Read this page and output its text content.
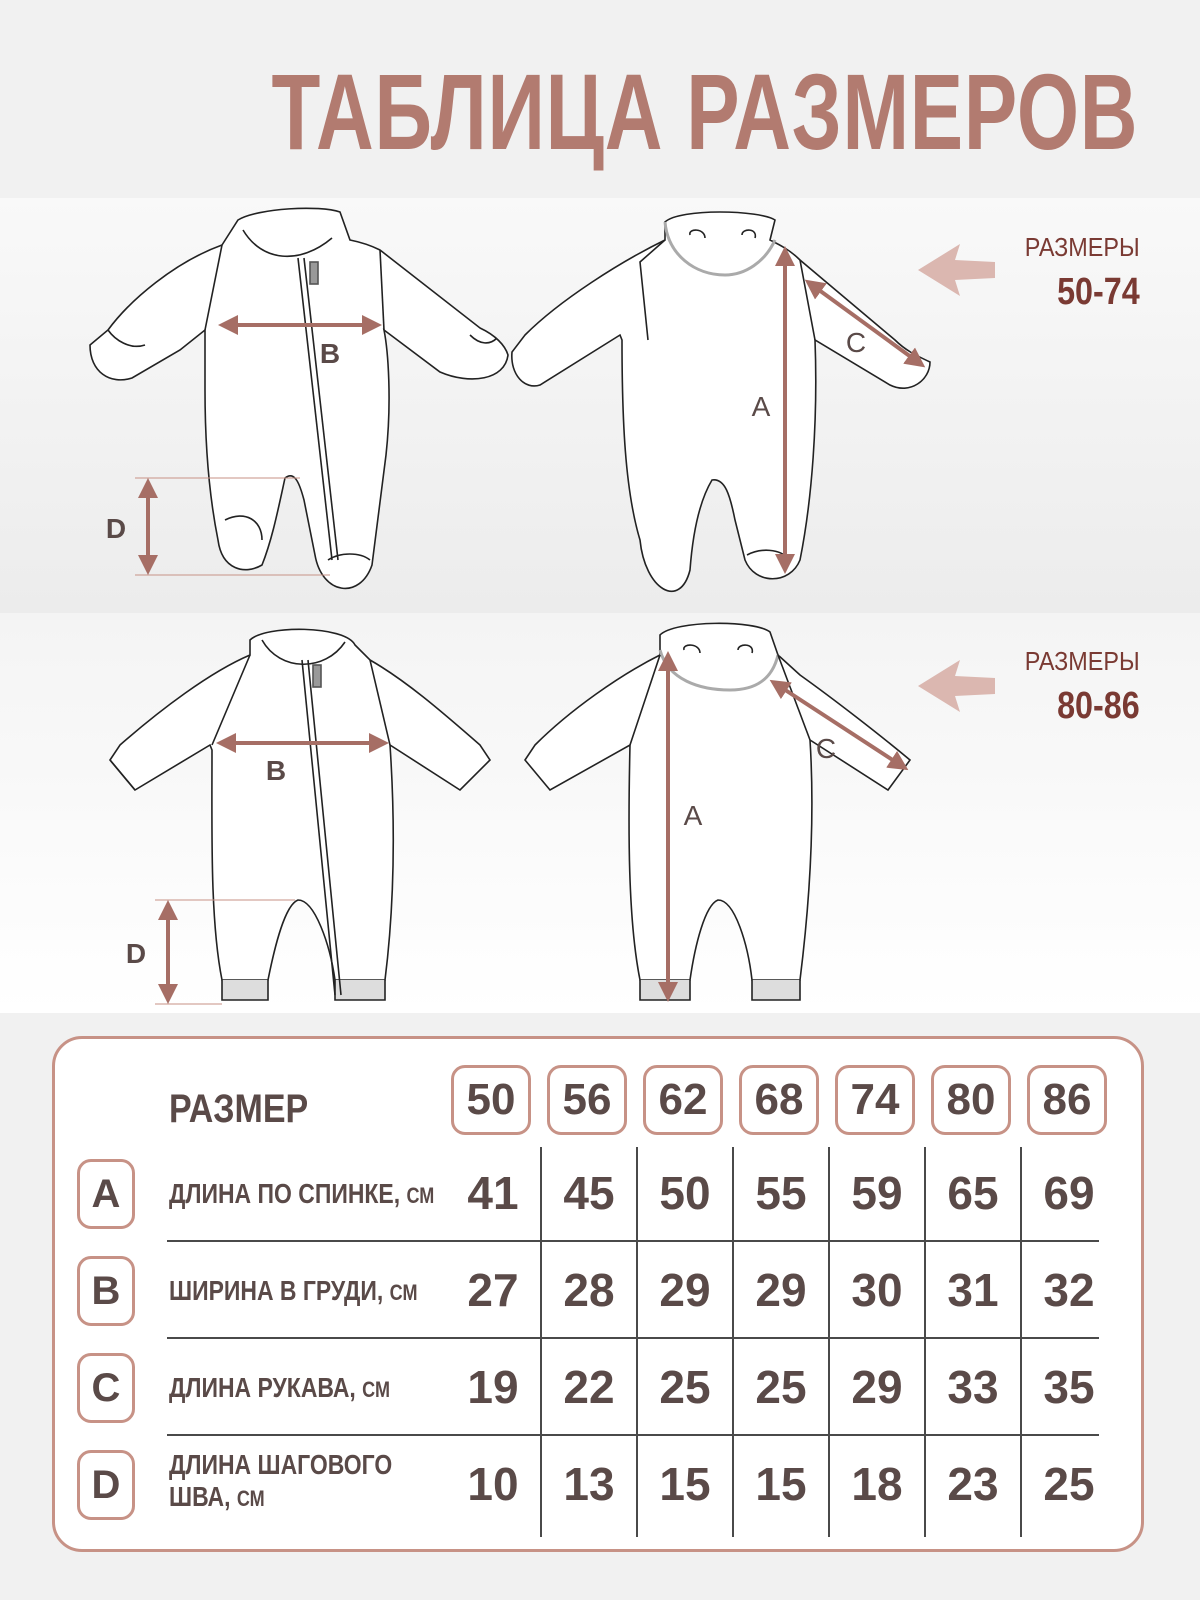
ТАБЛИЦА РАЗМЕРОВ
B
D
A
C
B
D
A
C
РАЗМЕРЫ
50-74
РАЗМЕРЫ
80-86
РАЗМЕР	50	56	62	68	74	80	86
A	ДЛИНА ПО СПИНКЕ, СМ 41 45 50 55 59 65 69
B	ШИРИНА В ГРУДИ, СМ	27 28 29 29 30 31 32
C	ДЛИНА РУКАВА, СМ	19 22 25 25 29 33 35
D	ДЛИНА ШАГОВОГО
ШВА, СМ	10 13 15 15 18 23 25
